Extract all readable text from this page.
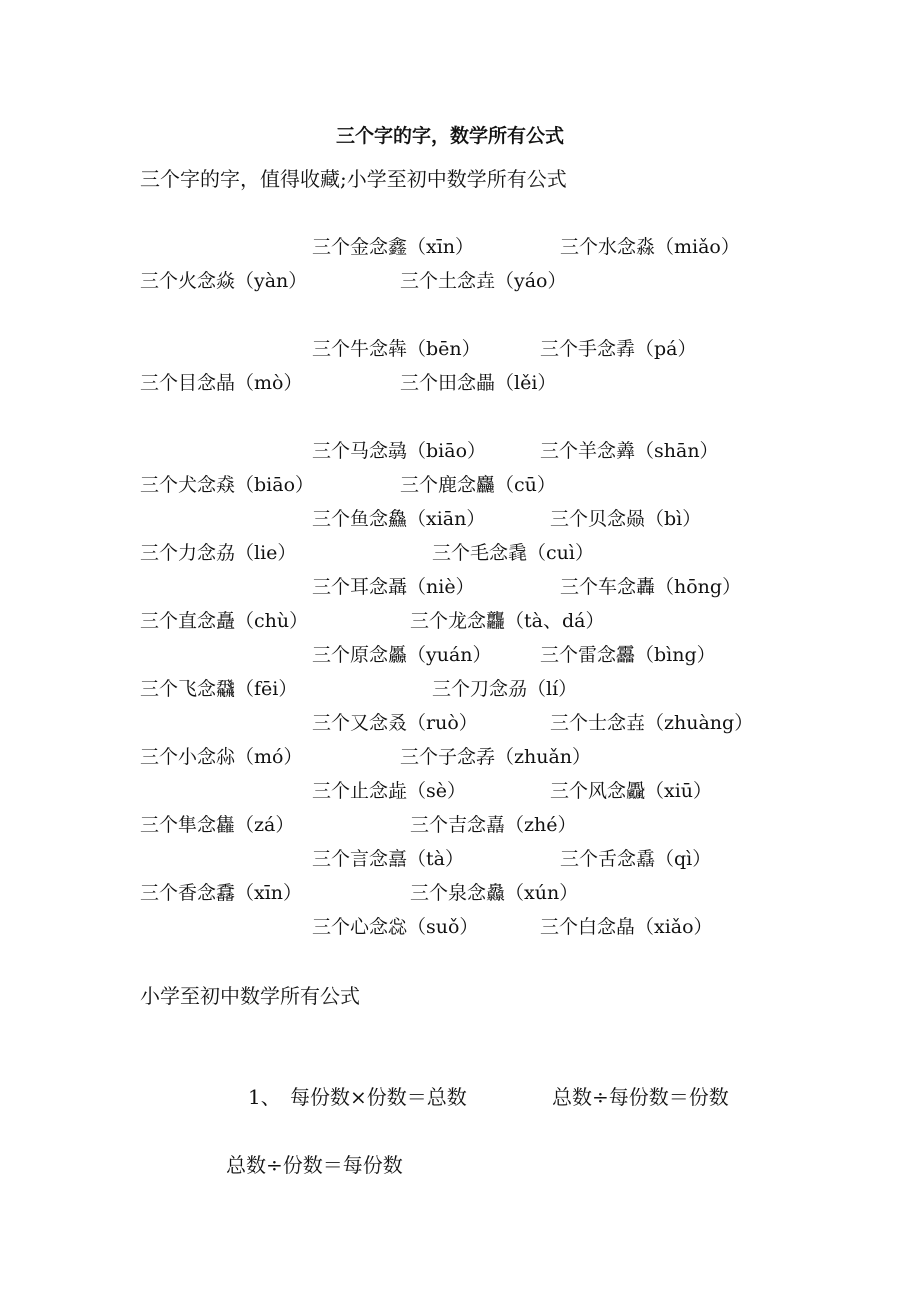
三个字的字，数学所有公式
三个字的字，值得收藏;小学至初中数学所有公式
三个金念鑫（xīn）	三个水念淼（miǎo）
三个火念焱（yàn）	三个土念垚（yáo）
三个牛念犇（bēn）	三个手念掱（pá）
三个目念晶（mò）	三个田念畾（lěi）
三个马念骉（biāo）	三个羊念羴（shān）
三个犬念猋（biāo）	三个鹿念麤（cū）
三个鱼念鱻（xiān）	三个贝念赑（bì）
三个力念劦（lie）	三个毛念毳（cuì）
三个耳念聶（niè）	三个车念轟（hōng）
三个直念矗（chù）	三个龙念龘（tà、dá）
三个原念厵（yuán）	三个雷念靐（bìng）
三个飞念飝（fēi）	三个刀念刕（lí）
三个又念叒（ruò）	三个士念壵（zhuàng）
三个小念尛（mó）	三个子念孨（zhuǎn）
三个止念歮（sè）	三个风念飍（xiū）
三个隼念雥（zá）	三个吉念嚞（zhé）
三个言念譶（tà）	三个舌念舙（qì）
三个香念馫（xīn）	三个泉念灥（xún）
三个心念惢（suǒ）	三个白念皛（xiǎo）
小学至初中数学所有公式
1、 每份数×份数＝总数	总数÷每份数＝份数
总数÷份数＝每份数
